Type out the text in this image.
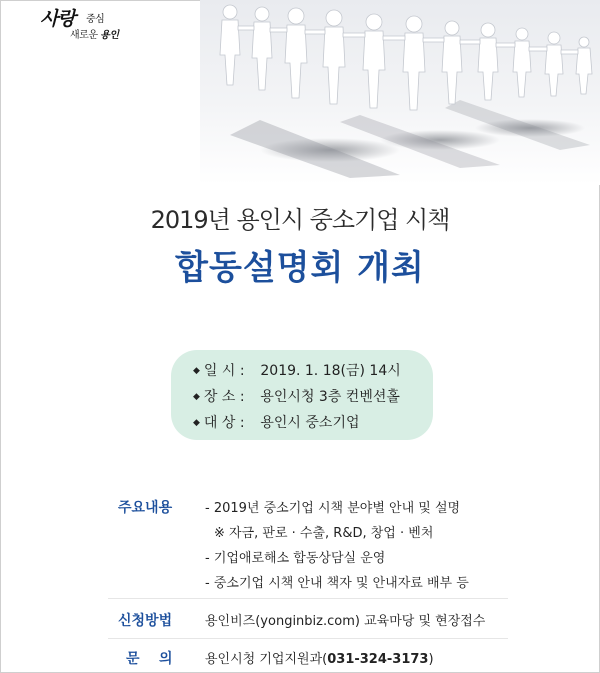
사랑 중심
새로운 용인
2019년 용인시 중소기업 시책
합동설명회 개최
◆ 일 시 : 2019. 1. 18(금) 14시
◆ 장 소 : 용인시청 3층 컨벤션홀
◆ 대 상 : 용인시 중소기업
주요내용	- 2019년 중소기업 시책 분야별 안내 및 설명
※ 자금, 판로 · 수출, R&D, 창업 · 벤처
- 기업애로해소 합동상담실 운영
- 중소기업 시책 안내 책자 및 안내자료 배부 등
신청방법	용인비즈(yonginbiz.com) 교육마당 및 현장접수
문    의 용인시청 기업지원과(031-324-3173)
